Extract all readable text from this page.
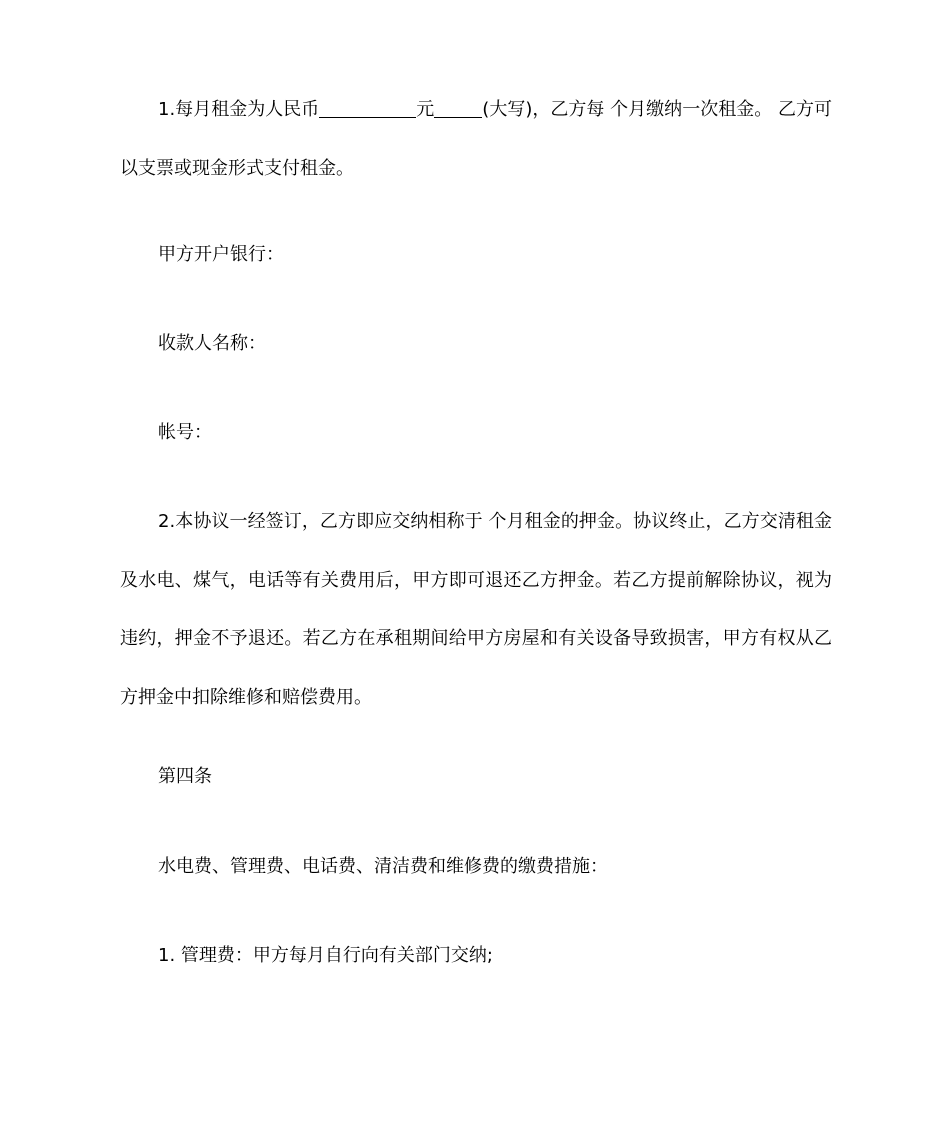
1.每月租金为人民币	元	(大写)，乙方每 个月缴纳一次租金。 乙方可以支票或现金形式支付租金。

甲方开户银行：

收款人名称：

帐号：

2.本协议一经签订，乙方即应交纳相称于 个月租金的押金。协议终止，乙方交清租金及水电、煤气，电话等有关费用后，甲方即可退还乙方押金。若乙方提前解除协议，视为违约，押金不予退还。若乙方在承租期间给甲方房屋和有关设备导致损害，甲方有权从乙方押金中扣除维修和赔偿费用。

第四条

水电费、管理费、电话费、清洁费和维修费的缴费措施：

1. 管理费：甲方每月自行向有关部门交纳;
